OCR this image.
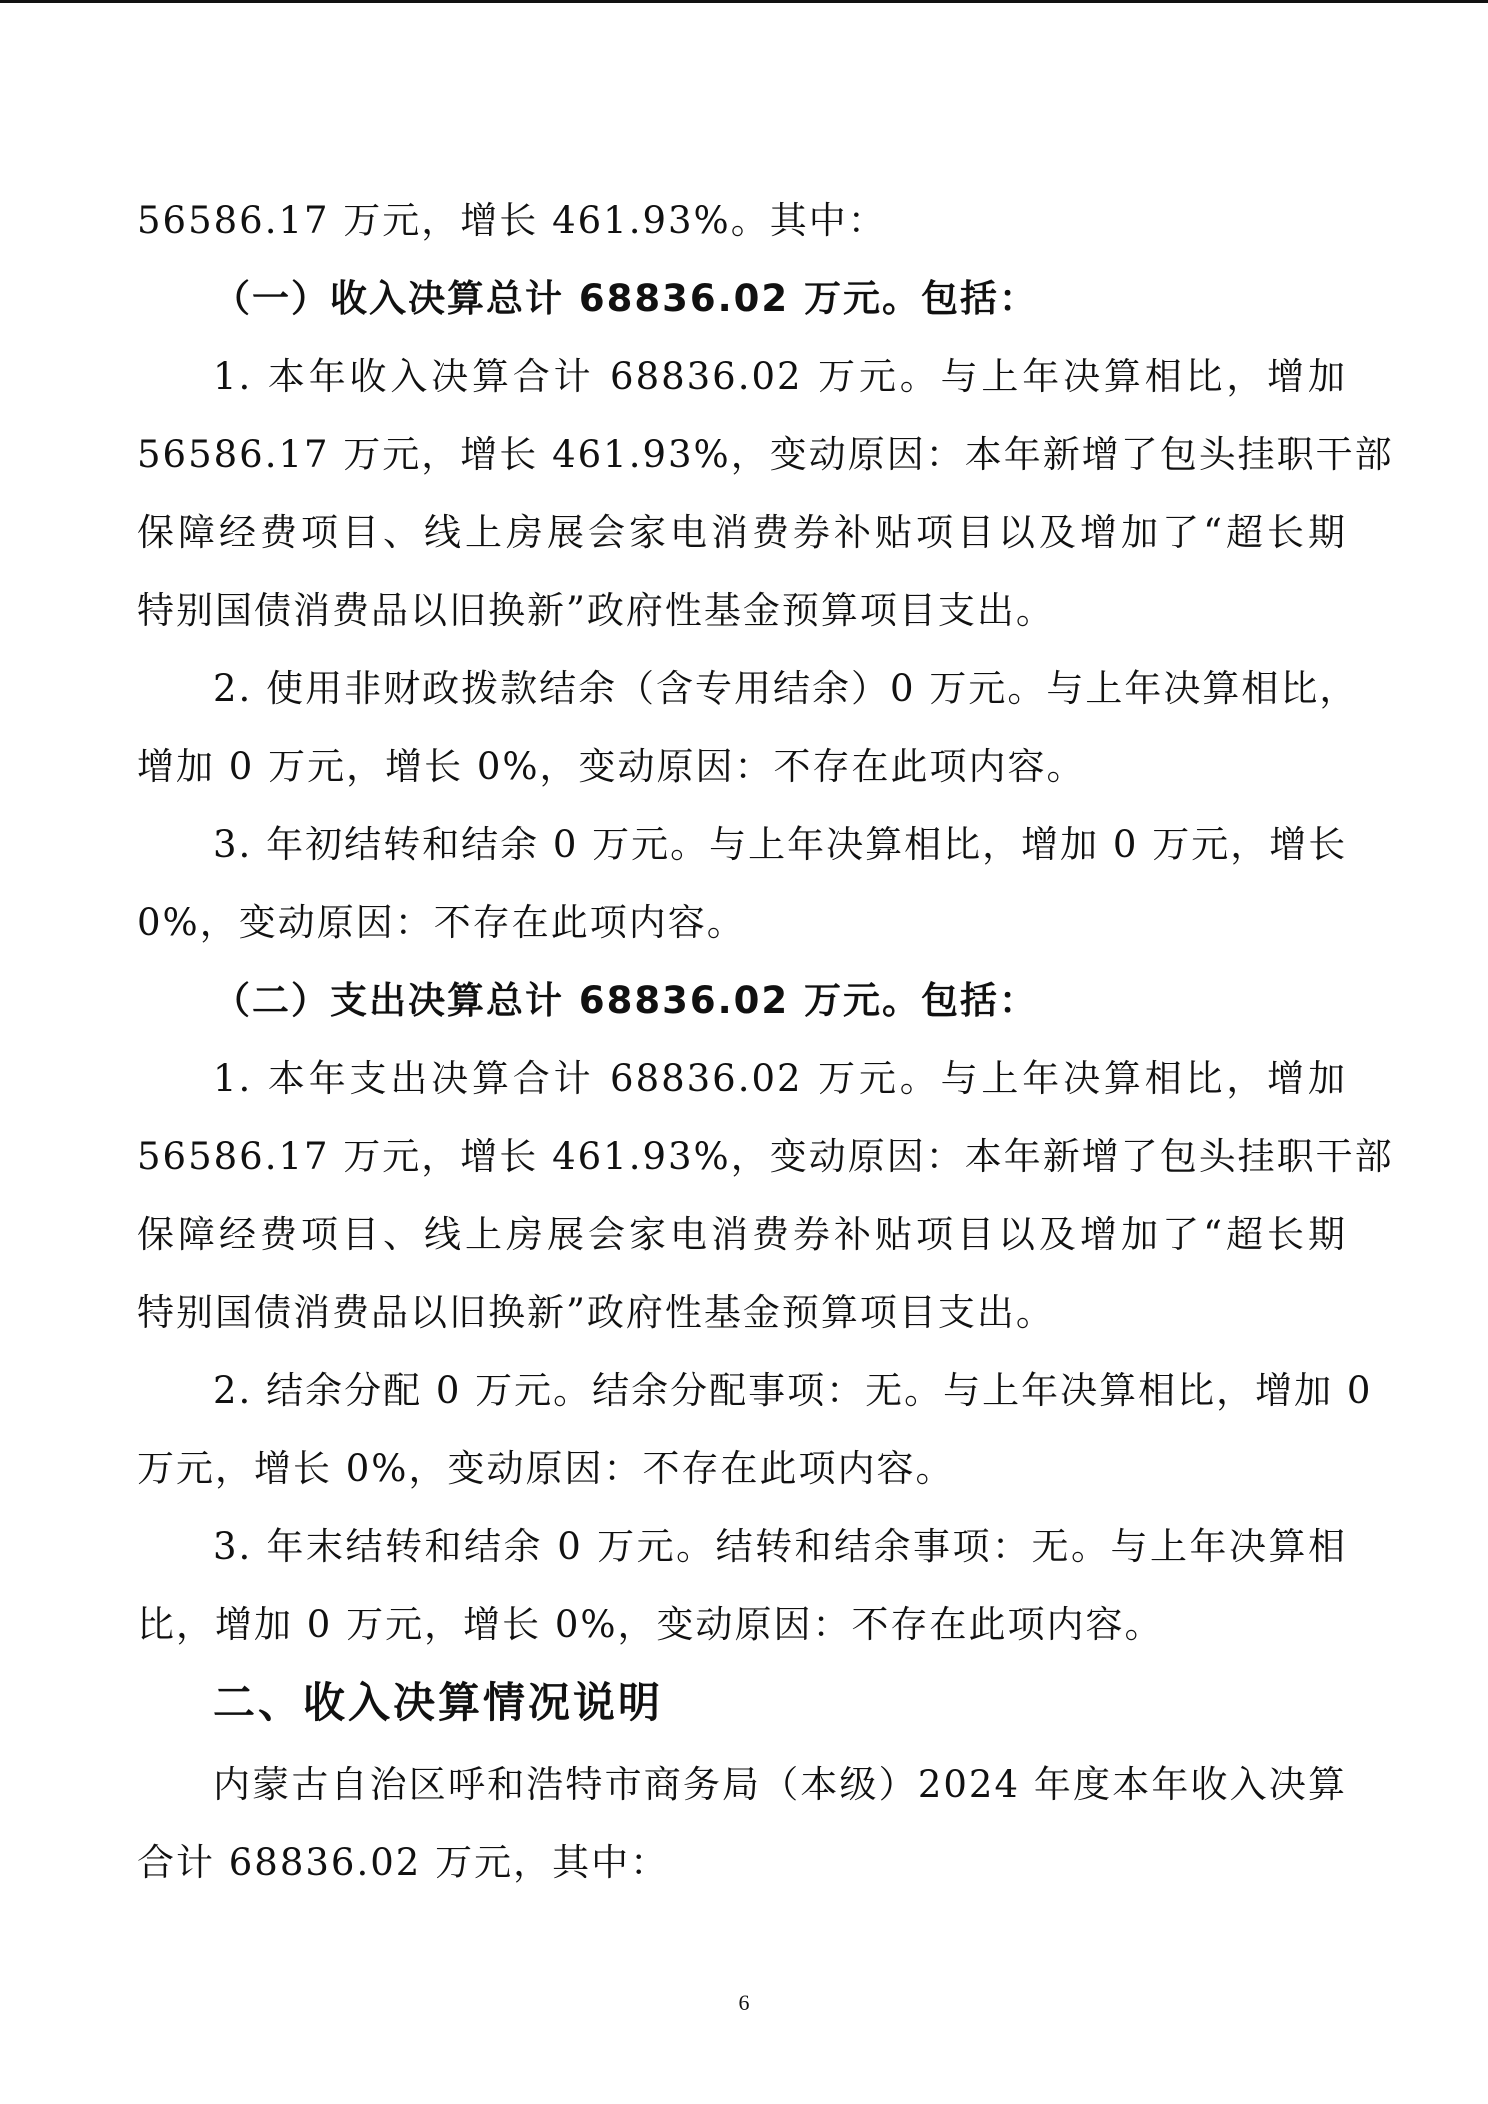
56586.17 万元，增长 461.93%。其中：
（一）收入决算总计 68836.02 万元。包括：
1. 本年收入决算合计 68836.02 万元。与上年决算相比，增加
56586.17 万元，增长 461.93%，变动原因：本年新增了包头挂职干部
保障经费项目、线上房展会家电消费券补贴项目以及增加了“超长期
特别国债消费品以旧换新”政府性基金预算项目支出。
2. 使用非财政拨款结余（含专用结余）0 万元。与上年决算相比，
增加 0 万元，增长 0%，变动原因：不存在此项内容。
3. 年初结转和结余 0 万元。与上年决算相比，增加 0 万元，增长
0%，变动原因：不存在此项内容。
（二）支出决算总计 68836.02 万元。包括：
1. 本年支出决算合计 68836.02 万元。与上年决算相比，增加
56586.17 万元，增长 461.93%，变动原因：本年新增了包头挂职干部
保障经费项目、线上房展会家电消费券补贴项目以及增加了“超长期
特别国债消费品以旧换新”政府性基金预算项目支出。
2. 结余分配 0 万元。结余分配事项：无。与上年决算相比，增加 0
万元，增长 0%，变动原因：不存在此项内容。
3. 年末结转和结余 0 万元。结转和结余事项：无。与上年决算相
比，增加 0 万元，增长 0%，变动原因：不存在此项内容。
二、收入决算情况说明
内蒙古自治区呼和浩特市商务局（本级）2024 年度本年收入决算
合计 68836.02 万元，其中：
6
